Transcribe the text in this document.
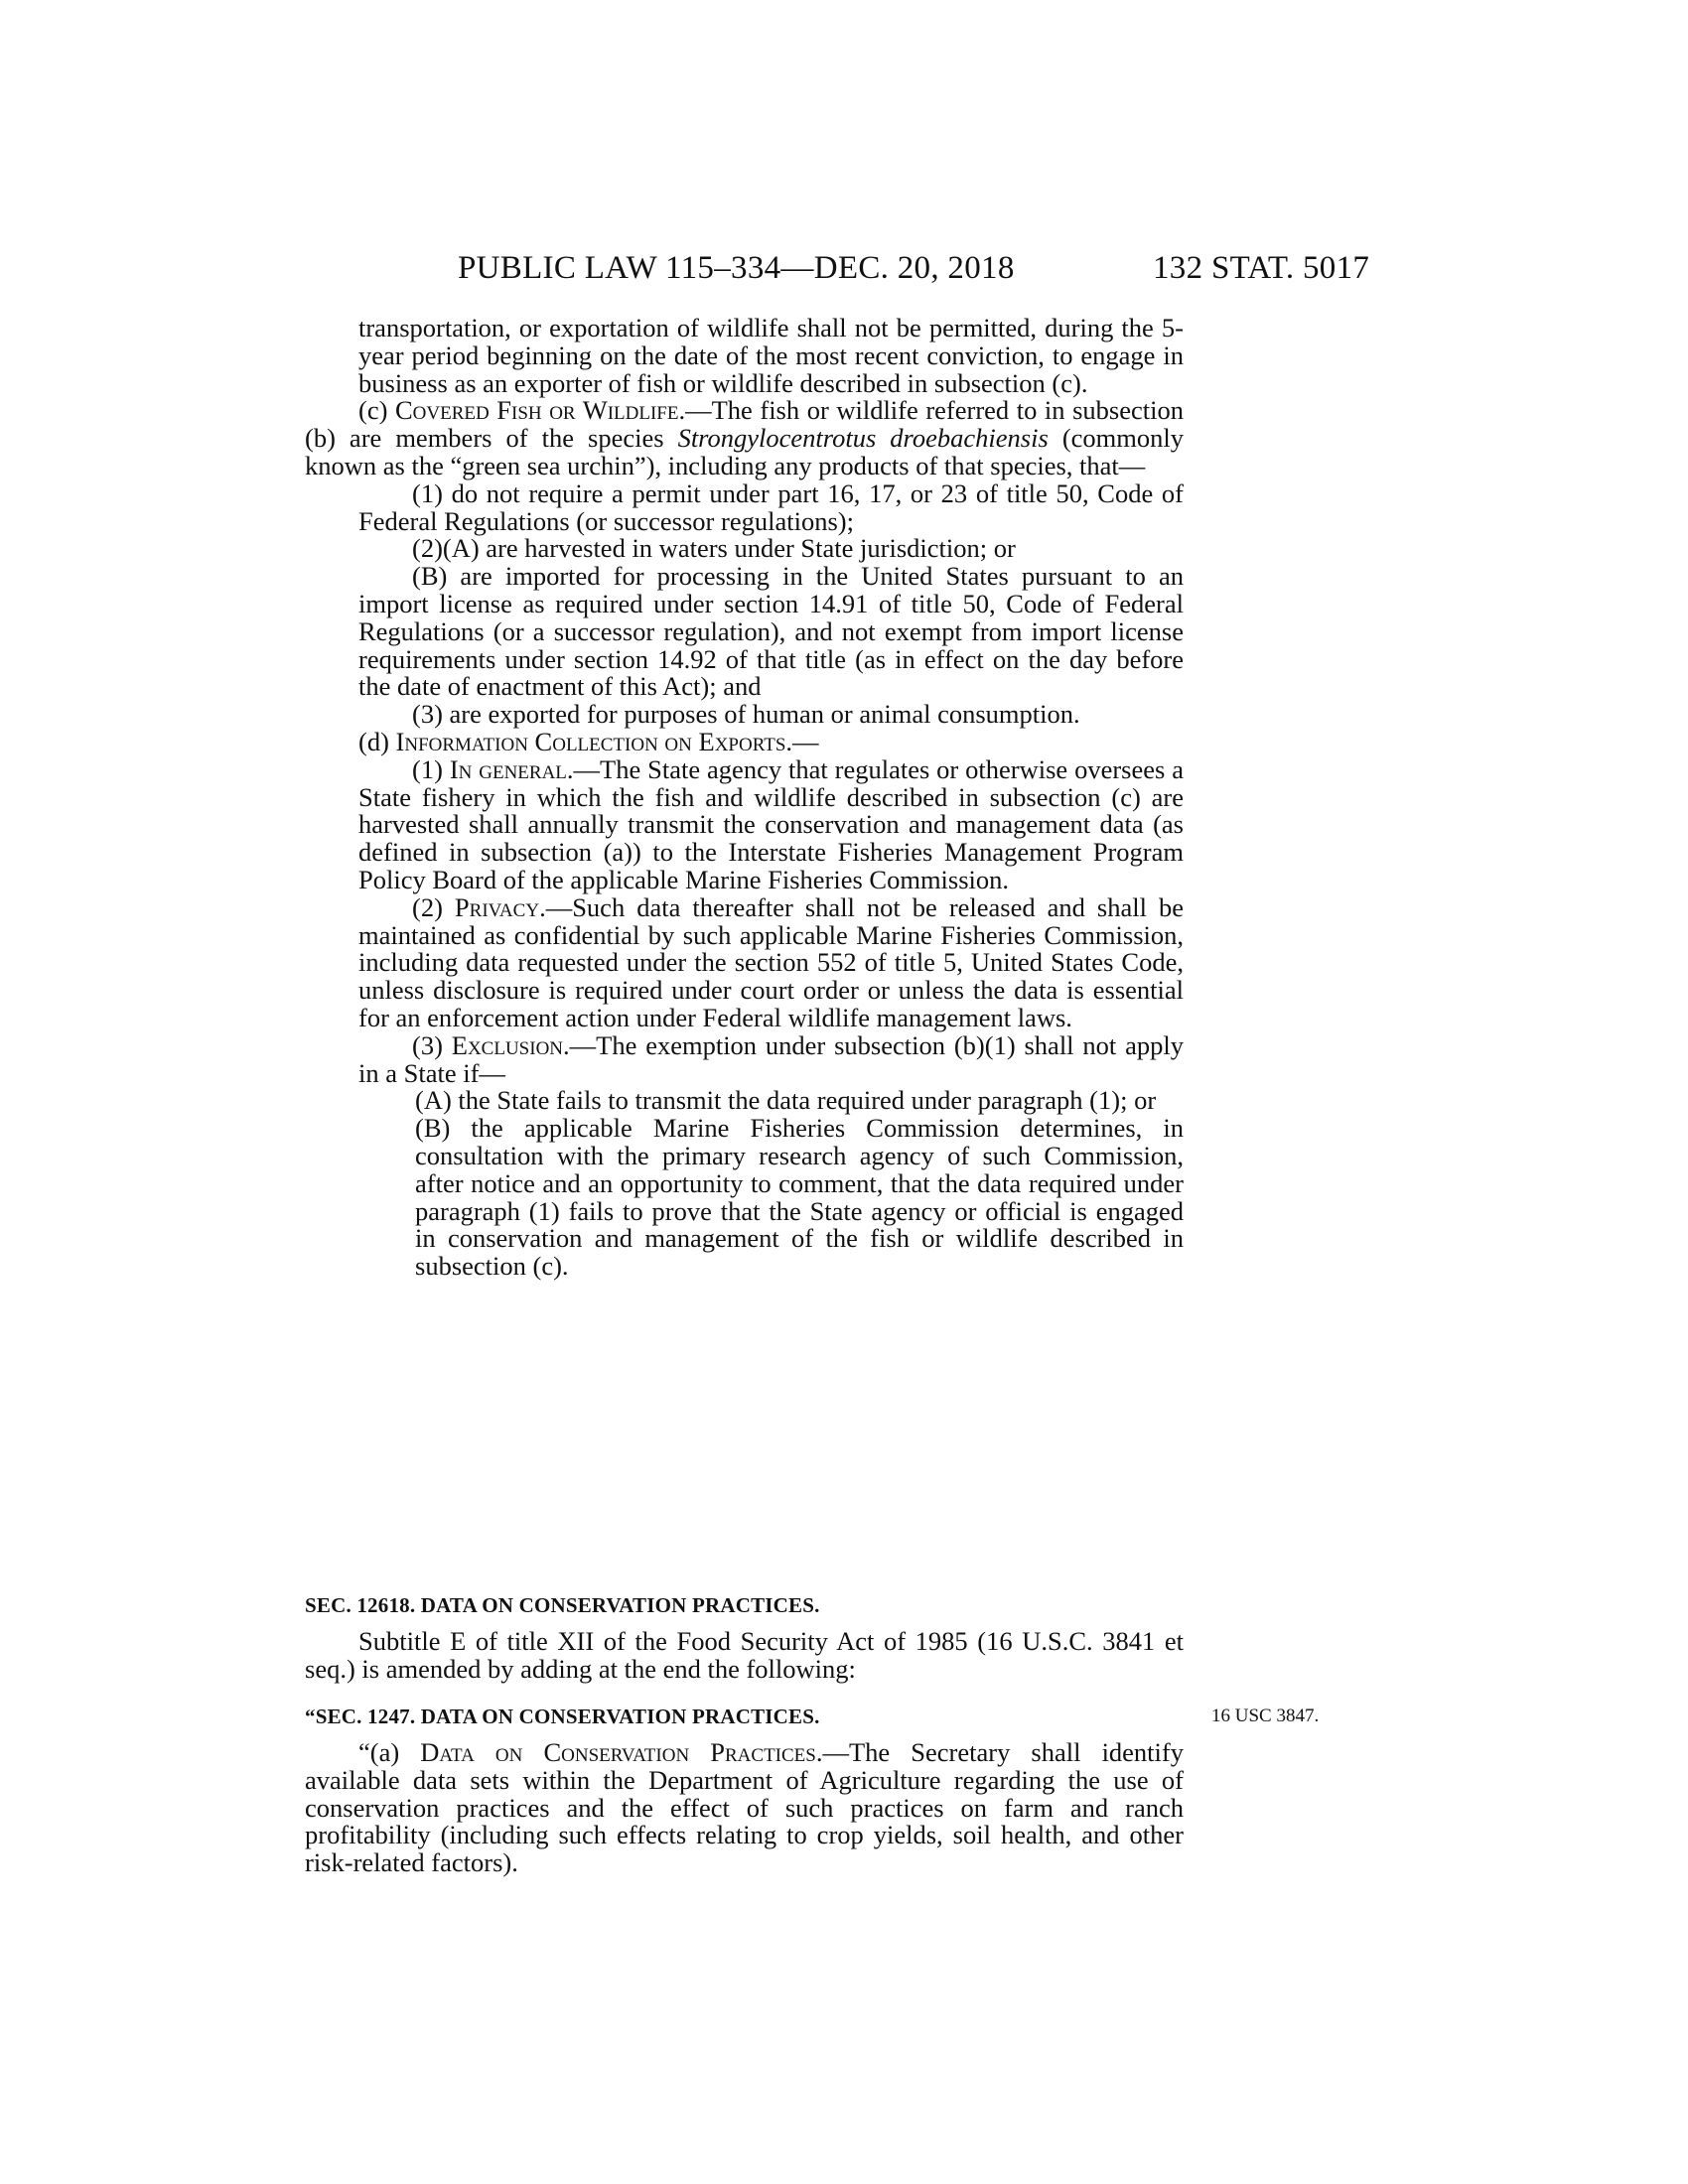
PUBLIC LAW 115–334—DEC. 20, 2018	132 STAT. 5017

transportation, or exportation of wildlife shall not be permitted, during the 5-year period beginning on the date of the most recent conviction, to engage in business as an exporter of fish or wildlife described in subsection (c).

(c) Covered Fish or Wildlife.—The fish or wildlife referred to in subsection (b) are members of the species Strongylocentrotus droebachiensis (commonly known as the “green sea urchin”), including any products of that species, that—

(1) do not require a permit under part 16, 17, or 23 of title 50, Code of Federal Regulations (or successor regulations);

(2)(A) are harvested in waters under State jurisdiction; or

(B) are imported for processing in the United States pursuant to an import license as required under section 14.91 of title 50, Code of Federal Regulations (or a successor regulation), and not exempt from import license requirements under section 14.92 of that title (as in effect on the day before the date of enactment of this Act); and

(3) are exported for purposes of human or animal consumption.

(d) Information Collection on Exports.—

(1) In general.—The State agency that regulates or otherwise oversees a State fishery in which the fish and wildlife described in subsection (c) are harvested shall annually transmit the conservation and management data (as defined in subsection (a)) to the Interstate Fisheries Management Program Policy Board of the applicable Marine Fisheries Commission.

(2) Privacy.—Such data thereafter shall not be released and shall be maintained as confidential by such applicable Marine Fisheries Commission, including data requested under the section 552 of title 5, United States Code, unless disclosure is required under court order or unless the data is essential for an enforcement action under Federal wildlife management laws.

(3) Exclusion.—The exemption under subsection (b)(1) shall not apply in a State if—

(A) the State fails to transmit the data required under paragraph (1); or

(B) the applicable Marine Fisheries Commission determines, in consultation with the primary research agency of such Commission, after notice and an opportunity to comment, that the data required under paragraph (1) fails to prove that the State agency or official is engaged in conservation and management of the fish or wildlife described in subsection (c).

SEC. 12618. DATA ON CONSERVATION PRACTICES.

Subtitle E of title XII of the Food Security Act of 1985 (16 U.S.C. 3841 et seq.) is amended by adding at the end the following:

“SEC. 1247. DATA ON CONSERVATION PRACTICES.	16 USC 3847.

“(a) Data on Conservation Practices.—The Secretary shall identify available data sets within the Department of Agriculture regarding the use of conservation practices and the effect of such practices on farm and ranch profitability (including such effects relating to crop yields, soil health, and other risk-related factors).
